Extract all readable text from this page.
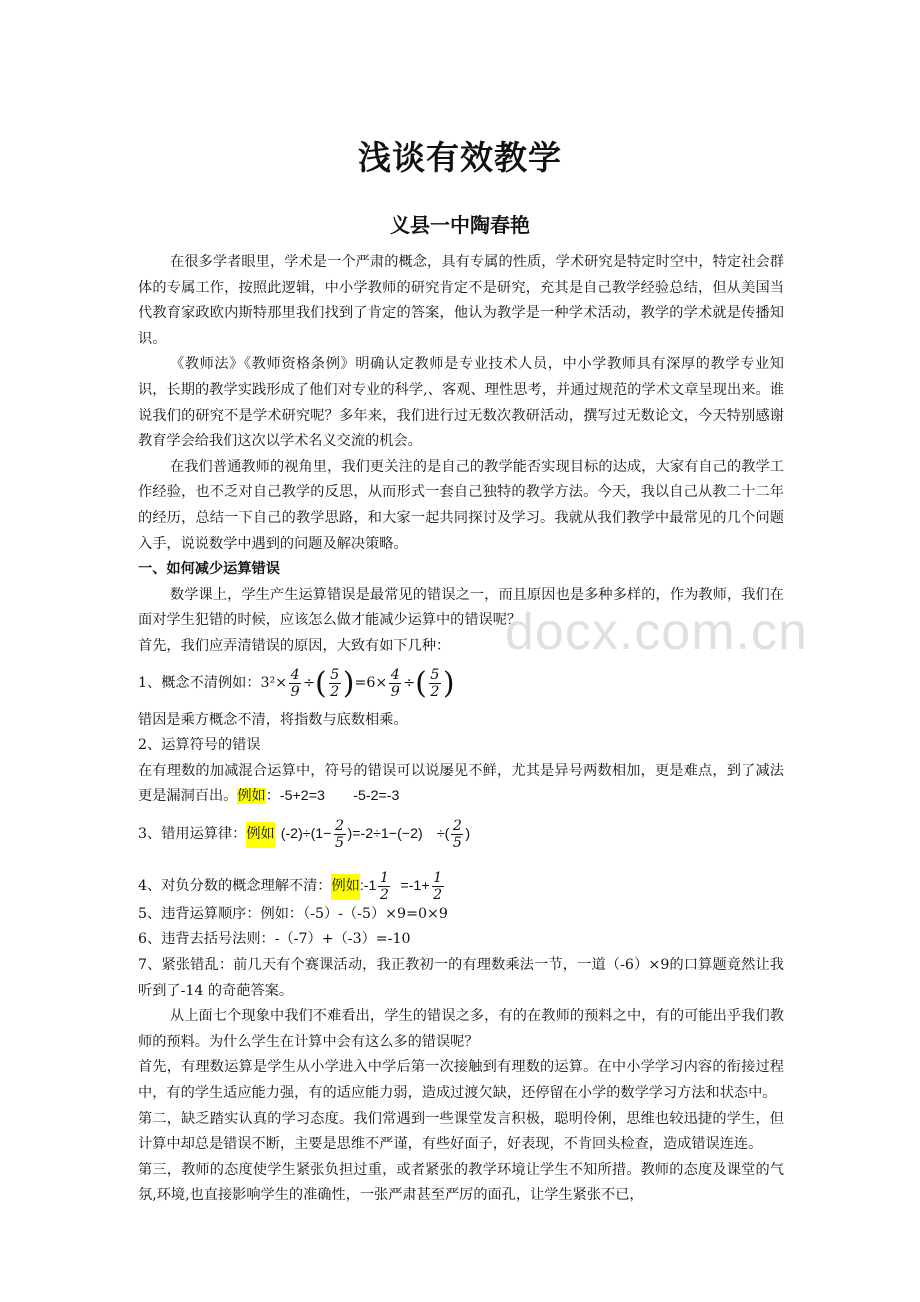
浅谈有效教学
义县一中陶春艳

在很多学者眼里，学术是一个严肃的概念，具有专属的性质，学术研究是特定时空中，特定社会群体的专属工作，按照此逻辑，中小学教师的研究肯定不是研究，充其是自己教学经验总结，但从美国当代教育家政欧内斯特那里我们找到了肯定的答案，他认为教学是一种学术活动，教学的学术就是传播知识。

《教师法》《教师资格条例》明确认定教师是专业技术人员，中小学教师具有深厚的教学专业知识，长期的教学实践形成了他们对专业的科学,、客观、理性思考，并通过规范的学术文章呈现出来。谁说我们的研究不是学术研究呢？多年来，我们进行过无数次教研活动，撰写过无数论文，今天特别感谢教育学会给我们这次以学术名义交流的机会。

在我们普通教师的视角里，我们更关注的是自己的教学能否实现目标的达成，大家有自己的教学工作经验，也不乏对自己教学的反思，从而形式一套自己独特的教学方法。今天，我以自己从教二十二年的经历，总结一下自己的教学思路，和大家一起共同探讨及学习。我就从我们教学中最常见的几个问题入手，说说数学中遇到的问题及解决策略。

一、如何减少运算错误

数学课上，学生产生运算错误是最常见的错误之一，而且原因也是多种多样的，作为教师，我们在面对学生犯错的时候，应该怎么做才能减少运算中的错误呢？

首先，我们应弄清错误的原因，大致有如下几种：

1、概念不清例如：$3^2\times \frac{4}{9}$ ÷ ( $\frac{5}{2}$ ) $=6\times \frac{4}{9}$ ÷ ( $\frac{5}{2}$ )

错因是乘方概念不清，将指数与底数相乘。

2、运算符号的错误

在有理数的加减混合运算中，符号的错误可以说屡见不鲜，尤其是异号两数相加，更是难点，到了减法更是漏洞百出。例如：-5+2=3　　-5-2=-3

3、错用运算律： 例如 $(-2)\div(1- \frac{2}{5} )=-2\div 1-(-2)$　÷( $\frac{2}{5}$ )
4、对负分数的概念理解不清： 例如 :-1 $\frac{1}{2} =-1+ \frac{1}{2}$

5、违背运算顺序：例如：（-5）-（-5）×9=0×9

6、违背去括号法则：-（-7）+（-3）=-10

7、紧张错乱：前几天有个赛课活动，我正教初一的有理数乘法一节，一道（-6）×9的口算题竟然让我听到了-14 的奇葩答案。

从上面七个现象中我们不难看出，学生的错误之多，有的在教师的预料之中，有的可能出乎我们教师的预料。为什么学生在计算中会有这么多的错误呢？

首先，有理数运算是学生从小学进入中学后第一次接触到有理数的运算。在中小学学习内容的衔接过程中，有的学生适应能力强，有的适应能力弱，造成过渡欠缺，还停留在小学的数学学习方法和状态中。

第二，缺乏踏实认真的学习态度。我们常遇到一些课堂发言积极，聪明伶俐，思维也较迅捷的学生，但计算中却总是错误不断，主要是思维不严谨，有些好面子，好表现，不肯回头检查，造成错误连连。

第三，教师的态度使学生紧张负担过重，或者紧张的教学环境让学生不知所措。教师的态度及课堂的气氛,环境,也直接影响学生的准确性，一张严肃甚至严厉的面孔，让学生紧张不已，

docx.com.cn
